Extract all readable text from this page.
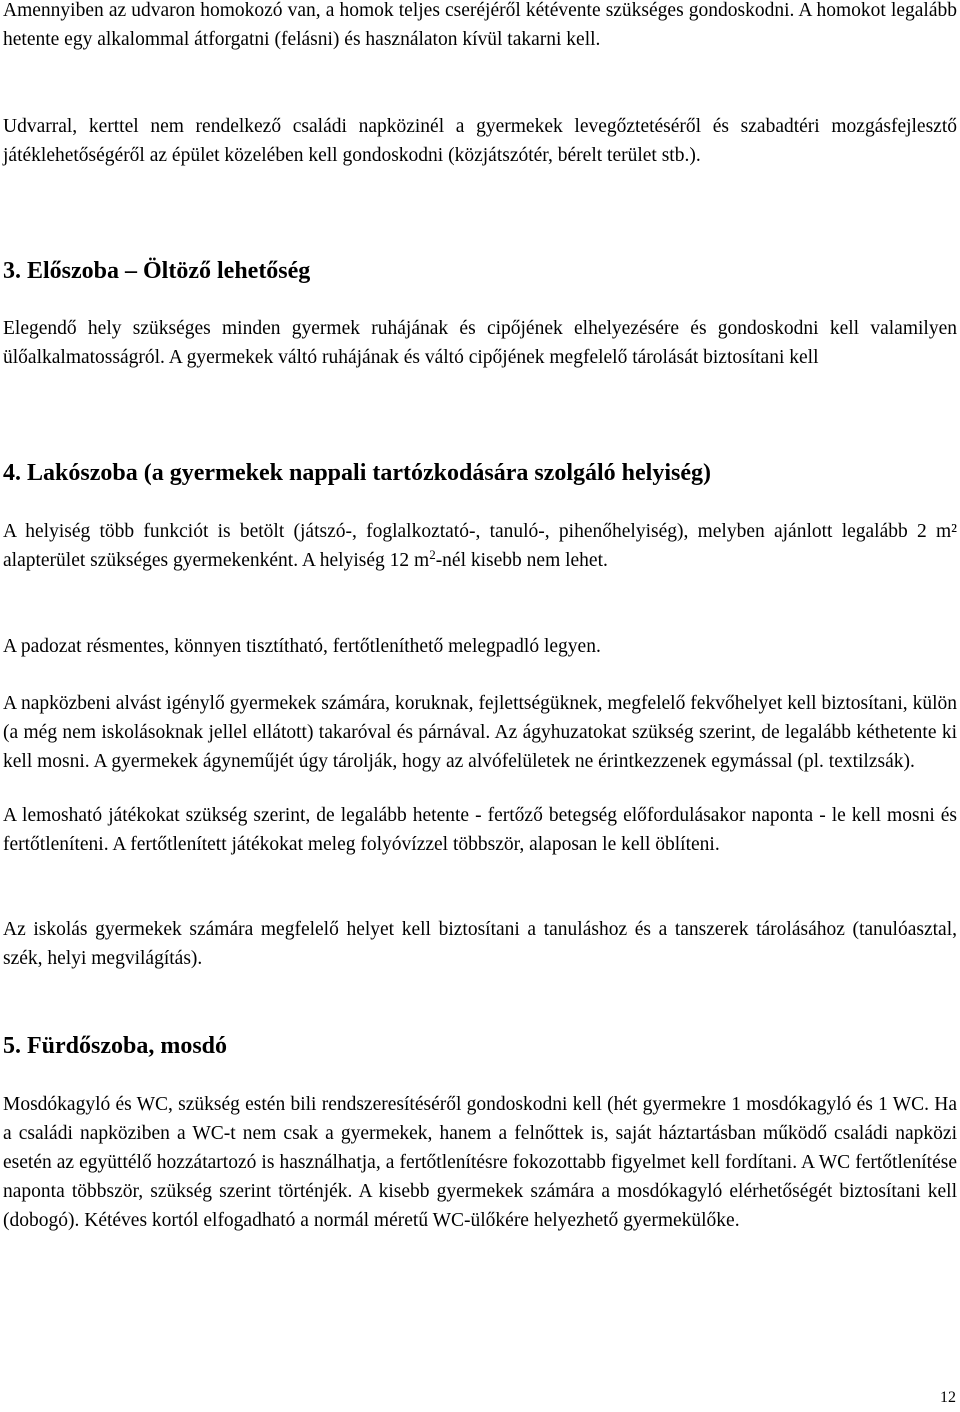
Amennyiben az udvaron homokozó van, a homok teljes cseréjéről kétévente szükséges gondoskodni. A homokot legalább hetente egy alkalommal átforgatni (felásni) és használaton kívül takarni kell.

Udvarral, kerttel nem rendelkező családi napközinél a gyermekek levegőztetéséről és szabadtéri mozgásfejlesztő játéklehetőségéről az épület közelében kell gondoskodni (közjátszótér, bérelt terület stb.).

3. Előszoba – Öltöző lehetőség

Elegendő hely szükséges minden gyermek ruhájának és cipőjének elhelyezésére és gondoskodni kell valamilyen ülőalkalmatosságról. A gyermekek váltó ruhájának és váltó cipőjének megfelelő tárolását biztosítani kell

4. Lakószoba (a gyermekek nappali tartózkodására szolgáló helyiség)

A helyiség több funkciót is betölt (játszó-, foglalkoztató-, tanuló-, pihenőhelyiség), melyben ajánlott legalább 2 m² alapterület szükséges gyermekenként. A helyiség 12 $m^2$-nél kisebb nem lehet.

A padozat résmentes, könnyen tisztítható, fertőtleníthető melegpadló legyen.

A napközbeni alvást igénylő gyermekek számára, koruknak, fejlettségüknek, megfelelő fekvőhelyet kell biztosítani, külön (a még nem iskolásoknak jellel ellátott) takaróval és párnával. Az ágyhuzatokat szükség szerint, de legalább kéthetente ki kell mosni. A gyermekek ágyneműjét úgy tárolják, hogy az alvófelületek ne érintkezzenek egymással (pl. textilzsák).

A lemosható játékokat szükség szerint, de legalább hetente - fertőző betegség előfordulásakor naponta - le kell mosni és fertőtleníteni. A fertőtlenített játékokat meleg folyóvízzel többször, alaposan le kell öblíteni.

Az iskolás gyermekek számára megfelelő helyet kell biztosítani a tanuláshoz és a tanszerek tárolásához (tanulóasztal, szék, helyi megvilágítás).

5. Fürdőszoba, mosdó

Mosdókagyló és WC, szükség estén bili rendszeresítéséről gondoskodni kell (hét gyermekre 1 mosdókagyló és 1 WC. Ha a családi napköziben a WC-t nem csak a gyermekek, hanem a felnőttek is, saját háztartásban működő családi napközi esetén az együttélő hozzátartozó is használhatja, a fertőtlenítésre fokozottabb figyelmet kell fordítani. A WC fertőtlenítése naponta többször, szükség szerint történjék. A kisebb gyermekek számára a mosdókagyló elérhetőségét biztosítani kell (dobogó). Kétéves kortól elfogadható a normál méretű WC-ülőkére helyezhető gyermekülőke.

12
